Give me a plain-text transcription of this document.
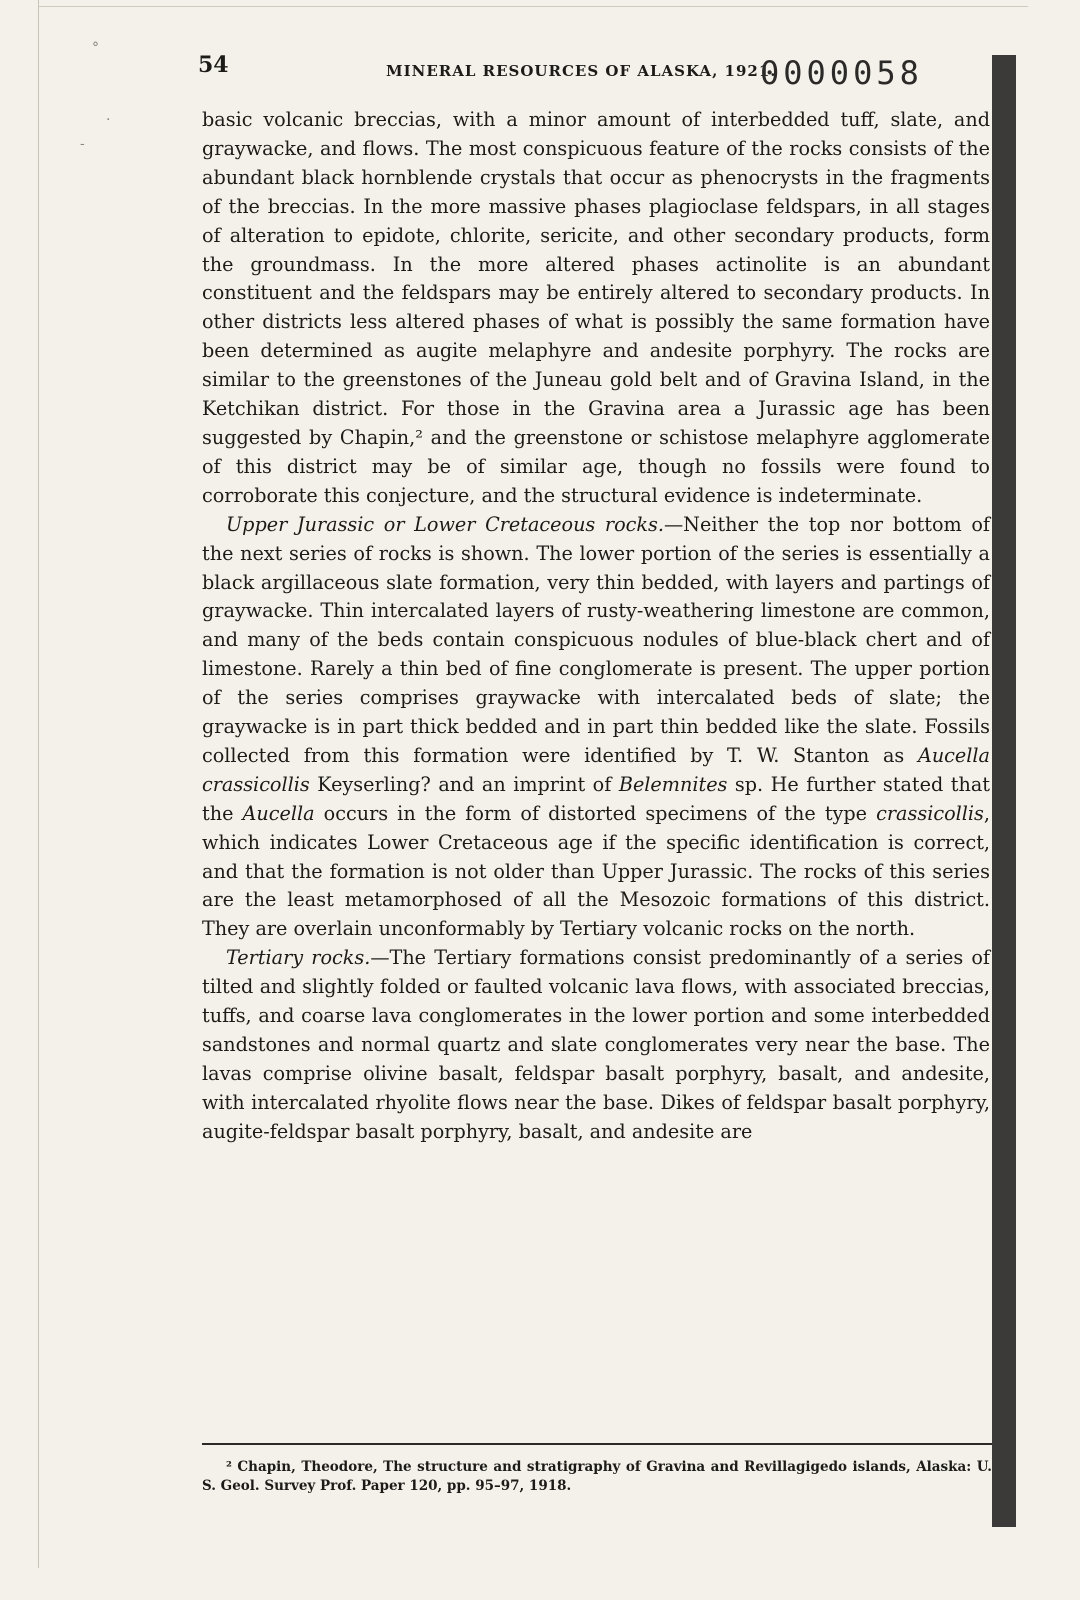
°
·
-
54	MINERAL RESOURCES OF ALASKA, 1921.
0000058

basic volcanic breccias, with a minor amount of interbedded tuff, slate, and graywacke, and flows. The most conspicuous feature of the rocks consists of the abundant black hornblende crystals that occur as phenocrysts in the fragments of the breccias. In the more massive phases plagioclase feldspars, in all stages of alteration to epidote, chlorite, sericite, and other secondary products, form the groundmass. In the more altered phases actinolite is an abundant constituent and the feldspars may be entirely altered to secondary products. In other districts less altered phases of what is possibly the same formation have been determined as augite melaphyre and andesite porphyry. The rocks are similar to the greenstones of the Juneau gold belt and of Gravina Island, in the Ketchikan district. For those in the Gravina area a Jurassic age has been suggested by Chapin,² and the greenstone or schistose melaphyre agglomerate of this district may be of similar age, though no fossils were found to corroborate this conjecture, and the structural evidence is indeterminate.

Upper Jurassic or Lower Cretaceous rocks.—Neither the top nor bottom of the next series of rocks is shown. The lower portion of the series is essentially a black argillaceous slate formation, very thin bedded, with layers and partings of graywacke. Thin intercalated layers of rusty-weathering limestone are common, and many of the beds contain conspicuous nodules of blue-black chert and of limestone. Rarely a thin bed of fine conglomerate is present. The upper portion of the series comprises graywacke with intercalated beds of slate; the graywacke is in part thick bedded and in part thin bedded like the slate. Fossils collected from this formation were identified by T. W. Stanton as Aucella crassicollis Keyserling? and an imprint of Belemnites sp. He further stated that the Aucella occurs in the form of distorted specimens of the type crassicollis, which indicates Lower Cretaceous age if the specific identification is correct, and that the formation is not older than Upper Jurassic. The rocks of this series are the least metamorphosed of all the Mesozoic formations of this district. They are overlain unconformably by Tertiary volcanic rocks on the north.

Tertiary rocks.—The Tertiary formations consist predominantly of a series of tilted and slightly folded or faulted volcanic lava flows, with associated breccias, tuffs, and coarse lava conglomerates in the lower portion and some interbedded sandstones and normal quartz and slate conglomerates very near the base. The lavas comprise olivine basalt, feldspar basalt porphyry, basalt, and andesite, with intercalated rhyolite flows near the base. Dikes of feldspar basalt porphyry, augite-feldspar basalt porphyry, basalt, and andesite are

² Chapin, Theodore, The structure and stratigraphy of Gravina and Revillagigedo islands, Alaska: U. S. Geol. Survey Prof. Paper 120, pp. 95–97, 1918.
